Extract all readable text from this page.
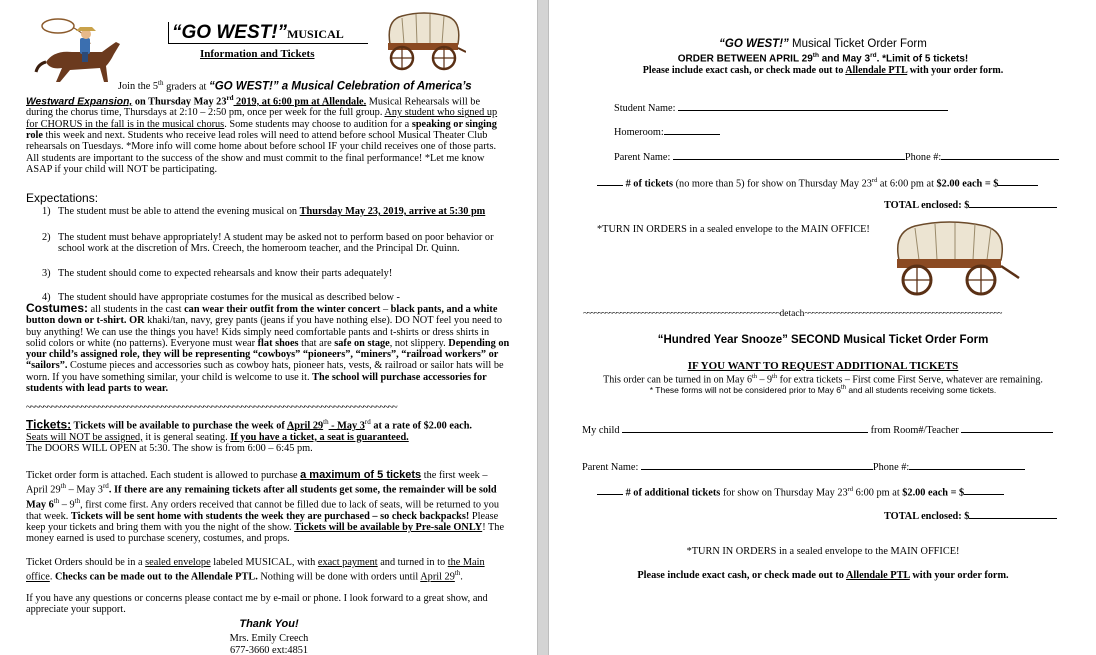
“GO WEST!”MUSICAL
Information and Tickets
Join the 5th graders at “GO WEST!” a Musical Celebration of America’s
Westward Expansion, on Thursday May 23rd 2019, at 6:00 pm at Allendale. Musical Rehearsals will be during the chorus time, Thursdays at 2:10 – 2:50 pm, once per week for the full group. Any student who signed up for CHORUS in the fall is in the musical chorus. Some students may choose to audition for a speaking or singing role this week and next. Students who receive lead roles will need to attend before school Musical Theater Club rehearsals on Tuesdays. *More info will come home about before school IF your child receives one of those parts. All students are important to the success of the show and must commit to the final performance! *Let me know ASAP if your child will NOT be participating.
Expectations:
1) The student must be able to attend the evening musical on Thursday May 23, 2019, arrive at 5:30 pm
2) The student must behave appropriately! A student may be asked not to perform based on poor behavior or school work at the discretion of Mrs. Creech, the homeroom teacher, and the Principal Dr. Quinn.
3) The student should come to expected rehearsals and know their parts adequately!
4) The student should have appropriate costumes for the musical as described below -
Costumes: all students in the cast can wear their outfit from the winter concert – black pants, and a white button down or t-shirt. OR khaki/tan, navy, grey pants (jeans if you have nothing else). DO NOT feel you need to buy anything! We can use the things you have! Kids simply need comfortable pants and t-shirts or dress shirts in solid colors or white (no patterns). Everyone must wear flat shoes that are safe on stage, not slippery. Depending on your child’s assigned role, they will be representing “cowboys” “pioneers”, “miners”, “railroad workers” or “sailors”. Costume pieces and accessories such as cowboy hats, pioneer hats, vests, & railroad or sailor hats will be worn. If you have something similar, your child is welcome to use it. The school will purchase accessories for students with lead parts to wear.
~~~~~~~~~~~~~~~~~~~~~~~~~~~~~~~~~~~~~~~~~~~~~~~~~~~~~~~~~~~~~~~~~~~~~~~~~~~~~~~~~~~~~~~~
Tickets: Tickets will be available to purchase the week of April 29th - May 3rd at a rate of $2.00 each.
Seats will NOT be assigned, it is general seating. If you have a ticket, a seat is guaranteed.
The DOORS WILL OPEN at 5:30. The show is from 6:00 – 6:45 pm.
Ticket order form is attached. Each student is allowed to purchase a maximum of 5 tickets the first week – April 29th – May 3rd. If there are any remaining tickets after all students get some, the remainder will be sold May 6th – 9th, first come first. Any orders received that cannot be filled due to lack of seats, will be returned to you that week. Tickets will be sent home with students the week they are purchased – so check backpacks! Please keep your tickets and bring them with you the night of the show. Tickets will be available by Pre-sale ONLY! The money earned is used to purchase scenery, costumes, and props.
Ticket Orders should be in a sealed envelope labeled MUSICAL, with exact payment and turned in to the Main office. Checks can be made out to the Allendale PTL. Nothing will be done with orders until April 29th.
If you have any questions or concerns please contact me by e-mail or phone. I look forward to a great show, and appreciate your support.
Thank You!
Mrs. Emily Creech
677-3660 ext:4851
“GO WEST!” Musical Ticket Order Form
ORDER BETWEEN APRIL 29th and May 3rd. *Limit of 5 tickets!
Please include exact cash, or check made out to Allendale PTL with your order form.
Student Name:
Homeroom:
Parent Name:	Phone #:
# of tickets (no more than 5) for show on Thursday May 23rd at 6:00 pm at $2.00 each = $
TOTAL enclosed: $
*TURN IN ORDERS in a sealed envelope to the MAIN OFFICE!
~~~~~~~~~~~~~~~~~~~~~~~~~~~~~~~~~~~~~~~~~~~~~~~~~~~~~~detach~~~~~~~~~~~~~~~~~~~~~~~~~~~~~~~~~~~~~~~~~~~~~~~~~~~~~~
“Hundred Year Snooze” SECOND Musical Ticket Order Form
IF YOU WANT TO REQUEST ADDITIONAL TICKETS
This order can be turned in on May 6th – 9th for extra tickets – First come First Serve, whatever are remaining.
* These forms will not be considered prior to May 6th and all students receiving some tickets.
My child	from Room#/Teacher
Parent Name:	Phone #:
# of additional tickets for show on Thursday May 23rd 6:00 pm at $2.00 each = $
TOTAL enclosed: $
*TURN IN ORDERS in a sealed envelope to the MAIN OFFICE!
Please include exact cash, or check made out to Allendale PTL with your order form.
